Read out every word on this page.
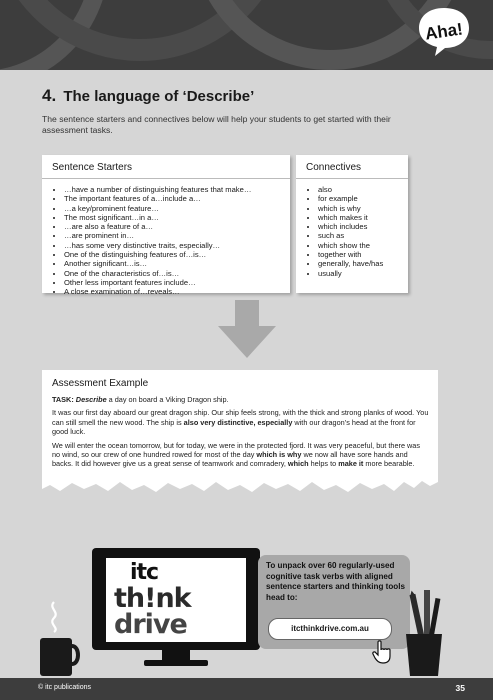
Aha!
4. The language of ‘Describe’
The sentence starters and connectives below will help your students to get started with their assessment tasks.
Sentence Starters
• …have a number of distinguishing features that make…
• The important features of a…include a…
• …a key/prominent feature…
• The most significant…in a…
• …are also a feature of a…
• …are prominent in…
• …has some very distinctive traits, especially…
• One of the distinguishing features of…is…
• Another significant…is…
• One of the characteristics of…is…
• Other less important features include…
• A close examination of…reveals…
Connectives
• also
• for example
• which is why
• which makes it
• which includes
• such as
• which show the
• together with
• generally, have/has
• usually
Assessment Example

TASK: Describe a day on board a Viking Dragon ship.

It was our first day aboard our great dragon ship. Our ship feels strong, with the thick and strong planks of wood. You can still smell the new wood. The ship is also very distinctive, especially with our dragon’s head at the front for good luck.

We will enter the ocean tomorrow, but for today, we were in the protected fjord. It was very peaceful, but there was no wind, so our crew of one hundred rowed for most of the day which is why we now all have sore hands and backs. It did however give us a great sense of teamwork and comradery, which helps to make it more bearable.

itc
th!nk
drive
To unpack over 60 regularly-used cognitive task verbs with aligned sentence starters and thinking tools head to:
itcthinkdrive.com.au
© itc publications	35
